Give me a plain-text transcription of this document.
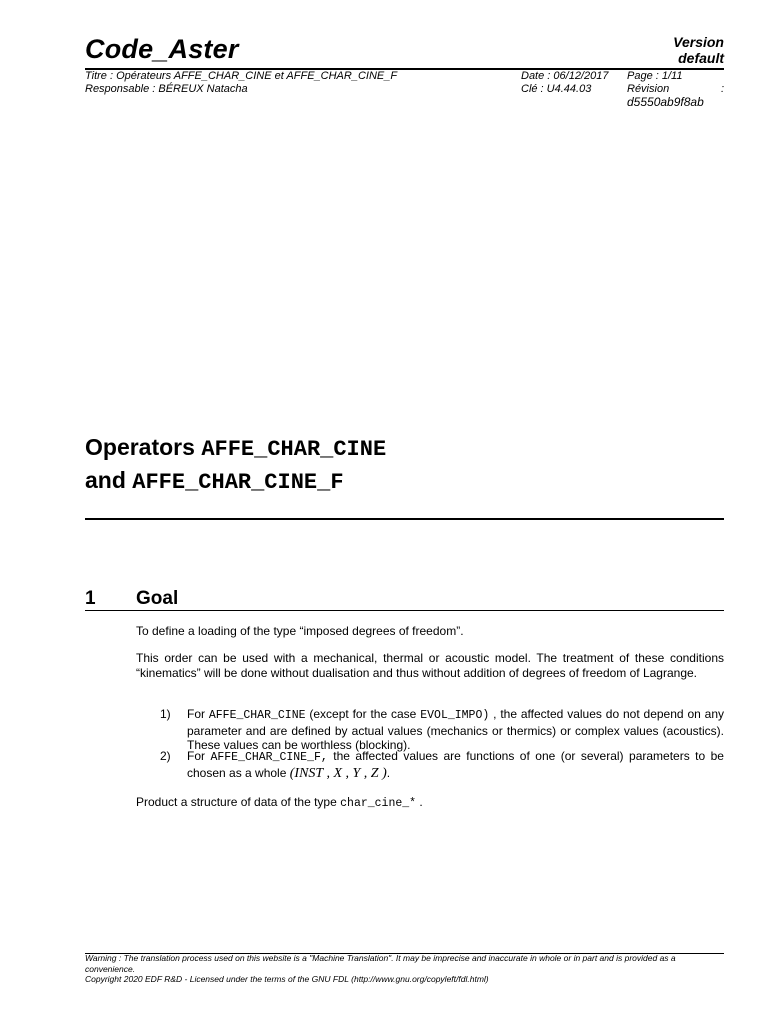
Code_Aster	Version
default
Titre : Opérateurs AFFE_CHAR_CINE et AFFE_CHAR_CINE_F
Responsable : BÉREUX Natacha
Date : 06/12/2017
Clé : U4.44.03
Page : 1/11
Révision	:
d5550ab9f8ab
Operators AFFE_CHAR_CINE
and AFFE_CHAR_CINE_F
1 Goal
To define a loading of the type “imposed degrees of freedom”.
This order can be used with a mechanical, thermal or acoustic model. The treatment of these conditions “kinematics” will be done without dualisation and thus without addition of degrees of freedom of Lagrange.
1) For AFFE_CHAR_CINE (except for the case EVOL_IMPO) , the affected values do not depend on any parameter and are defined by actual values (mechanics or thermics) or complex values (acoustics). These values can be worthless (blocking).
2) For AFFE_CHAR_CINE_F, the affected values are functions of one (or several) parameters to be chosen as a whole (INST , X , Y , Z ).
Product a structure of data of the type char_cine_* .
Warning : The translation process used on this website is a "Machine Translation". It may be imprecise and inaccurate in whole or in part and is provided as a convenience.
Copyright 2020 EDF R&D - Licensed under the terms of the GNU FDL (http://www.gnu.org/copyleft/fdl.html)
